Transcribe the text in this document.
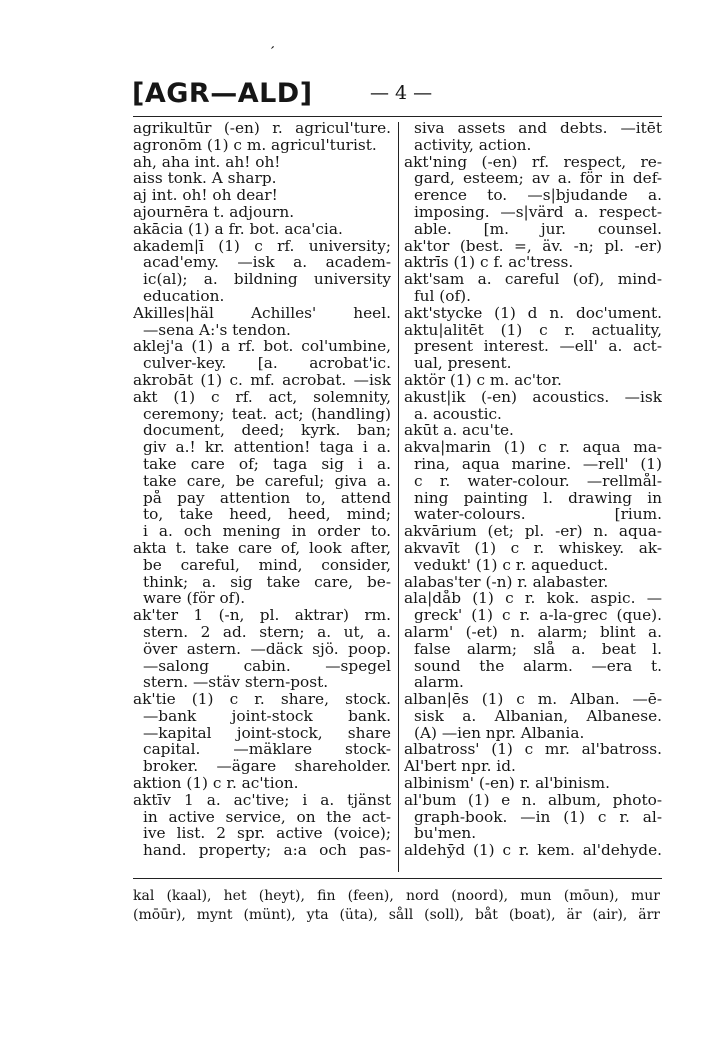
ʼ
[AGR—ALD]	— 4 —
agrikultūr (-en) r. agricul'ture.
agronōm (1) c m. agricul'turist.
ah, aha int. ah! oh!
aiss tonk. A sharp.
aj int. oh! oh dear!
ajournēra t. adjourn.
akācia (1) a fr. bot. aca'cia.
akadem|ī (1) c rf. university;
acad'emy. —isk a. academ-
ic(al); a. bildning university
education.
Akilles|häl Achilles' heel.
—sena A:'s tendon.
aklej'a (1) a rf. bot. col'umbine,
culver-key. [a. acrobat'ic.
akrobāt (1) c. mf. acrobat. —isk
akt (1) c rf. act, solemnity,
ceremony; teat. act; (handling)
document, deed; kyrk. ban;
giv a.! kr. attention! taga i a.
take care of; taga sig i a.
take care, be careful; giva a.
på pay attention to, attend
to, take heed, heed, mind;
i a. och mening in order to.
akta t. take care of, look after,
be careful, mind, consider,
think; a. sig take care, be-
ware (för of).
ak'ter 1 (-n, pl. aktrar) rm.
stern. 2 ad. stern; a. ut, a.
över astern. —däck sjö. poop.
—salong cabin. —spegel
stern. —stäv stern-post.
ak'tie (1) c r. share, stock.
—bank joint-stock bank.
—kapital joint-stock, share
capital. —mäklare stock-
broker. —ägare shareholder.
aktion (1) c r. ac'tion.
aktīv 1 a. ac'tive; i a. tjänst
in active service, on the act-
ive list. 2 spr. active (voice);
hand. property; a:a och pas-
siva assets and debts. —itēt
activity, action.
akt'ning (-en) rf. respect, re-
gard, esteem; av a. för in def-
erence to. —s|bjudande a.
imposing. —s|värd a. respect-
able. [m. jur. counsel.
ak'tor (best. =, äv. -n; pl. -er)
aktrīs (1) c f. ac'tress.
akt'sam a. careful (of), mind-
ful (of).
akt'stycke (1) d n. doc'ument.
aktu|alitēt (1) c r. actuality,
present interest. —ell' a. act-
ual, present.
aktör (1) c m. ac'tor.
akust|ik (-en) acoustics. —isk
a. acoustic.
akūt a. acu'te.
akva|marin (1) c r. aqua ma-
rina, aqua marine. —rell' (1)
c r. water-colour. —rellmål-
ning painting l. drawing in
water-colours. [rium.
akvārium (et; pl. -er) n. aqua-
akvavīt (1) c r. whiskey. ak-
vedukt' (1) c r. aqueduct.
alabas'ter (-n) r. alabaster.
ala|dåb (1) c r. kok. aspic. —
greck' (1) c r. a-la-grec (que).
alarm' (-et) n. alarm; blint a.
false alarm; slå a. beat l.
sound the alarm. —era t.
alarm.
alban|ēs (1) c m. Alban. —ē-
sisk a. Albanian, Albanese.
(A) —ien npr. Albania.
albatross' (1) c mr. al'batross.
Al'bert npr. id.
albinism' (-en) r. al'binism.
al'bum (1) e n. album, photo-
graph-book. —in (1) c r. al-
bu'men.
aldehȳd (1) c r. kem. al'dehyde.
kal (kaal), het (heyt), fin (feen), nord (noord), mun (mōun), mur
(mōūr), mynt (münt), yta (üta), såll (soll), båt (boat), är (air), ärr
